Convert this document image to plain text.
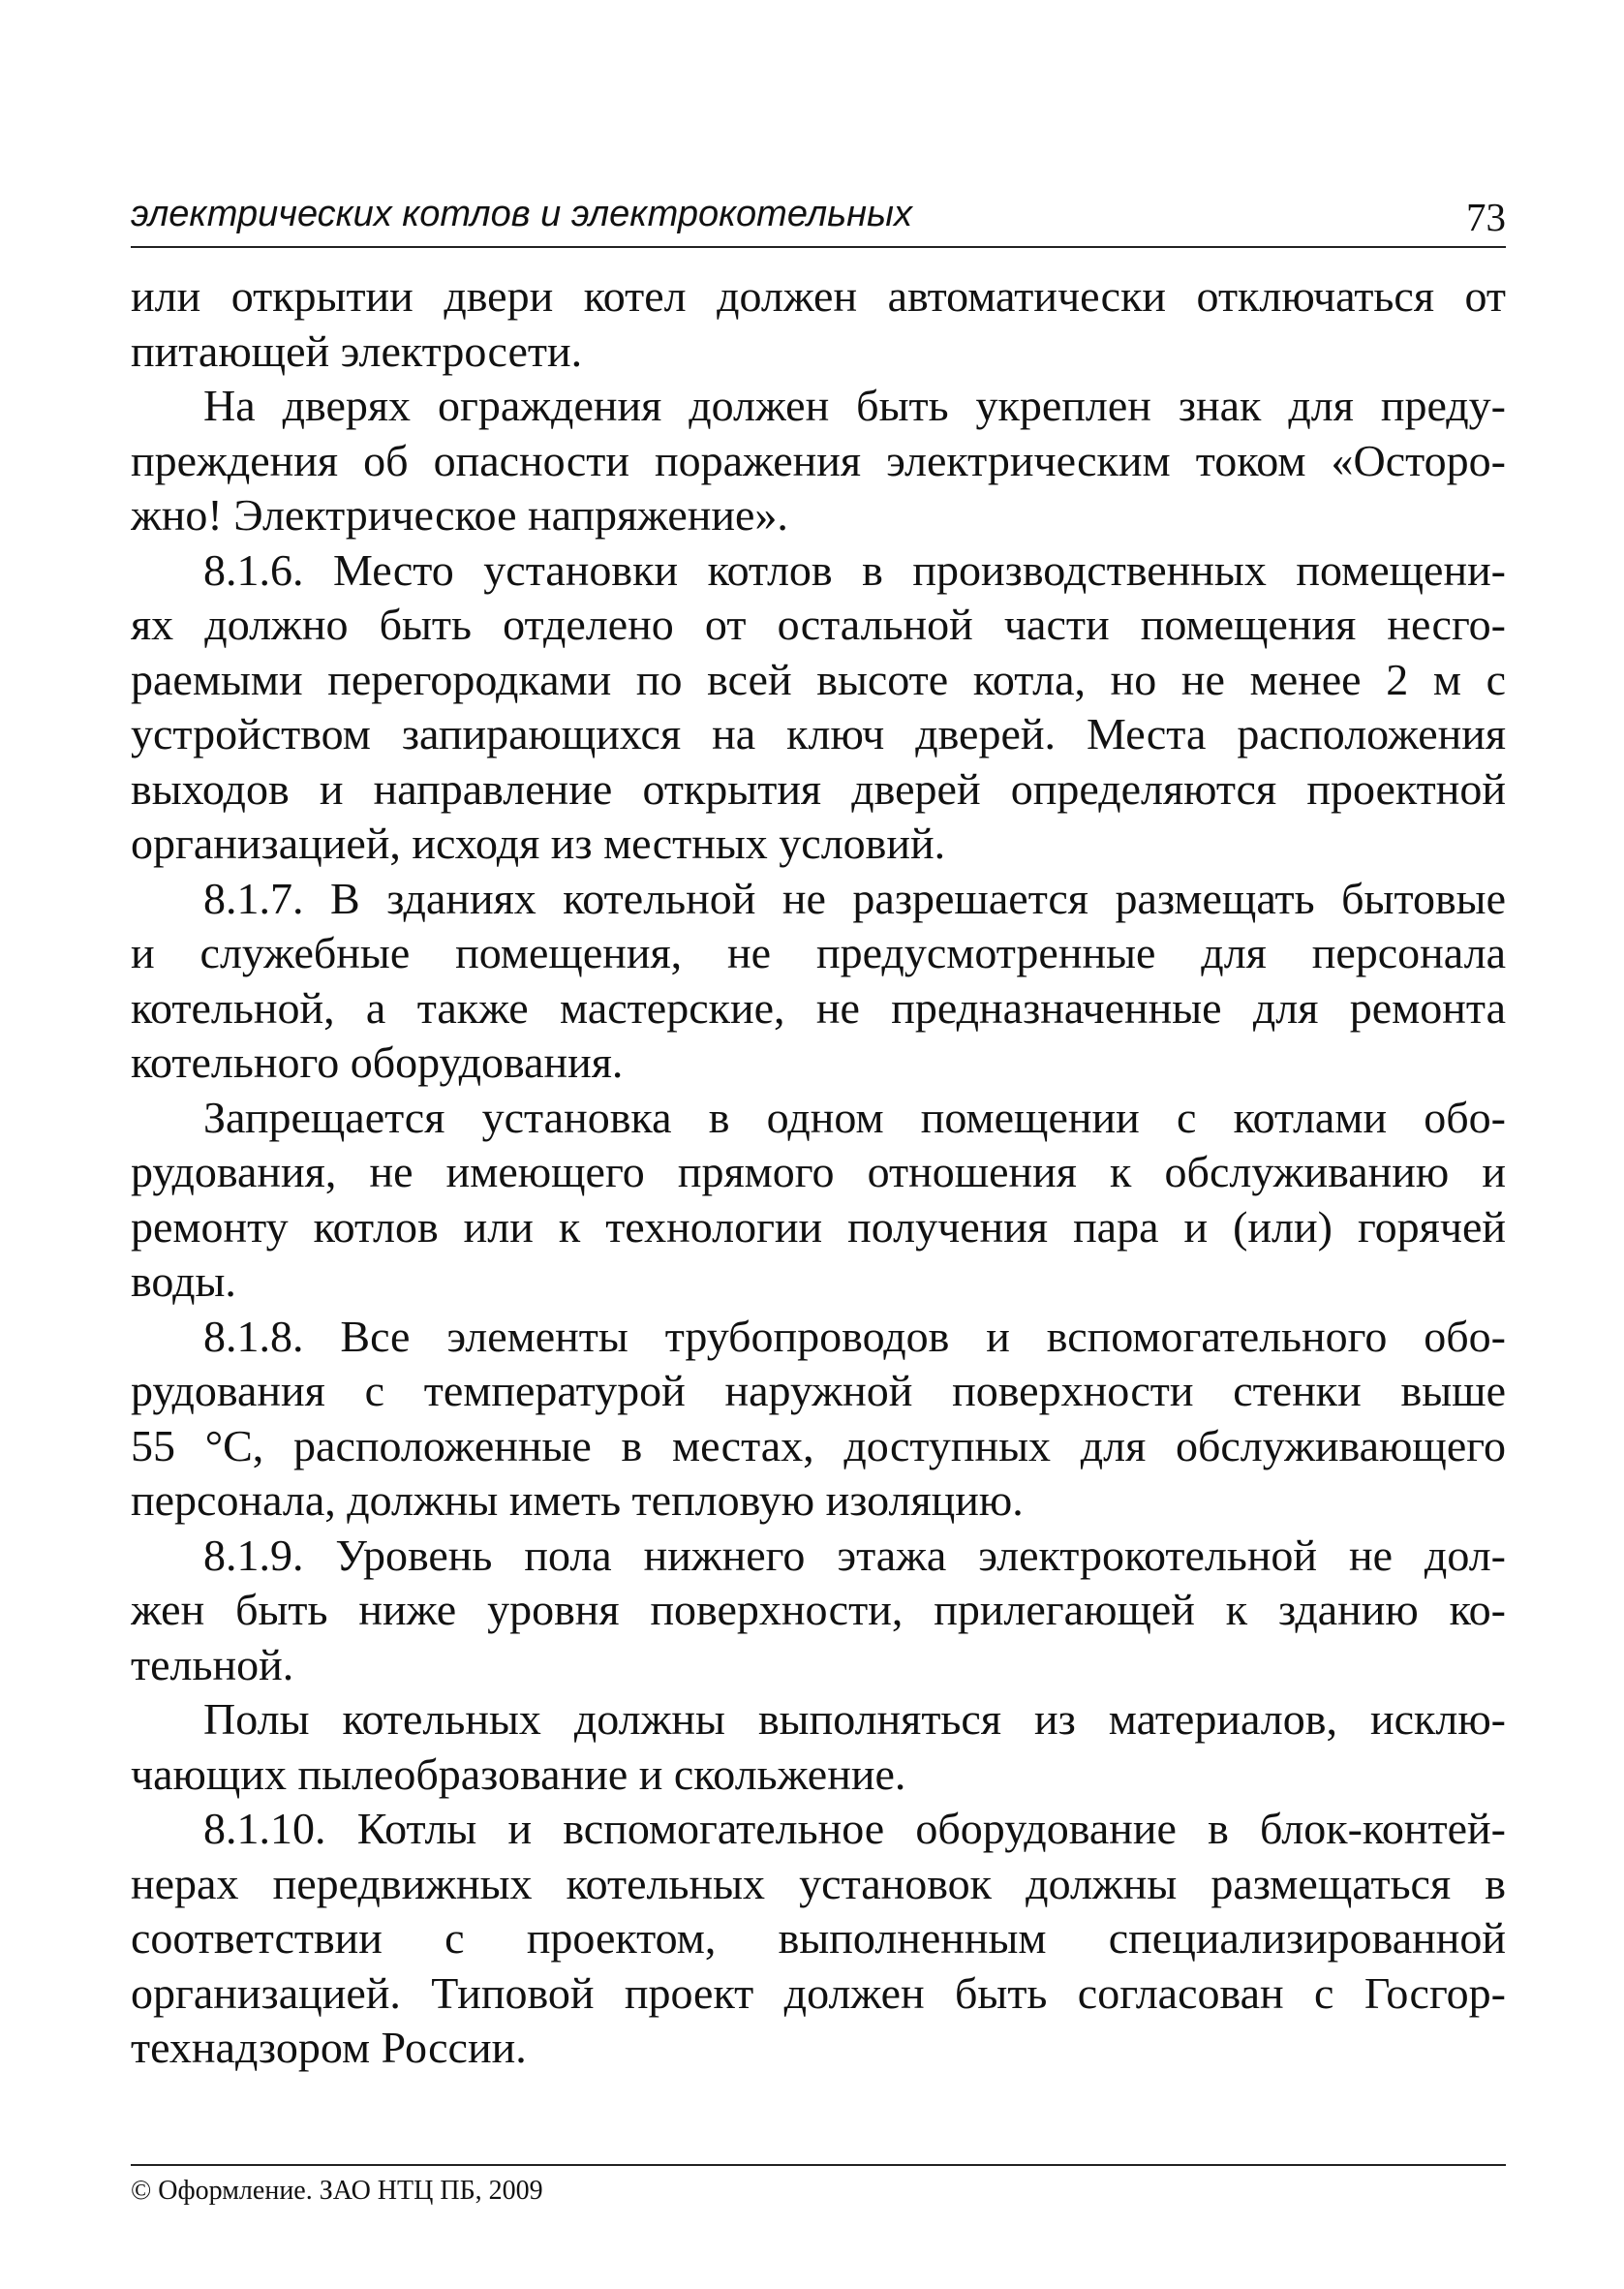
электрических котлов и электрокотельных	73
или открытии двери котел должен автоматически отключаться от
питающей электросети.
На дверях ограждения должен быть укреплен знак для преду-
преждения об опасности поражения электрическим током «Осторо-
жно! Электрическое напряжение».
8.1.6. Место установки котлов в производственных помещени-
ях должно быть отделено от остальной части помещения несго-
раемыми перегородками по всей высоте котла, но не менее 2 м с
устройством запирающихся на ключ дверей. Места расположения
выходов и направление открытия дверей определяются проектной
организацией, исходя из местных условий.
8.1.7. В зданиях котельной не разрешается размещать бытовые
и служебные помещения, не предусмотренные для персонала
котельной, а также мастерские, не предназначенные для ремонта
котельного оборудования.
Запрещается установка в одном помещении с котлами обо-
рудования, не имеющего прямого отношения к обслуживанию и
ремонту котлов или к технологии получения пара и (или) горячей
воды.
8.1.8. Все элементы трубопроводов и вспомогательного обо-
рудования с температурой наружной поверхности стенки выше
55 °С, расположенные в местах, доступных для обслуживающего
персонала, должны иметь тепловую изоляцию.
8.1.9. Уровень пола нижнего этажа электрокотельной не дол-
жен быть ниже уровня поверхности, прилегающей к зданию ко-
тельной.
Полы котельных должны выполняться из материалов, исклю-
чающих пылеобразование и скольжение.
8.1.10. Котлы и вспомогательное оборудование в блок-контей-
нерах передвижных котельных установок должны размещаться в
соответствии с проектом, выполненным специализированной
организацией. Типовой проект должен быть согласован с Госгор-
технадзором России.
© Оформление. ЗАО НТЦ ПБ, 2009
